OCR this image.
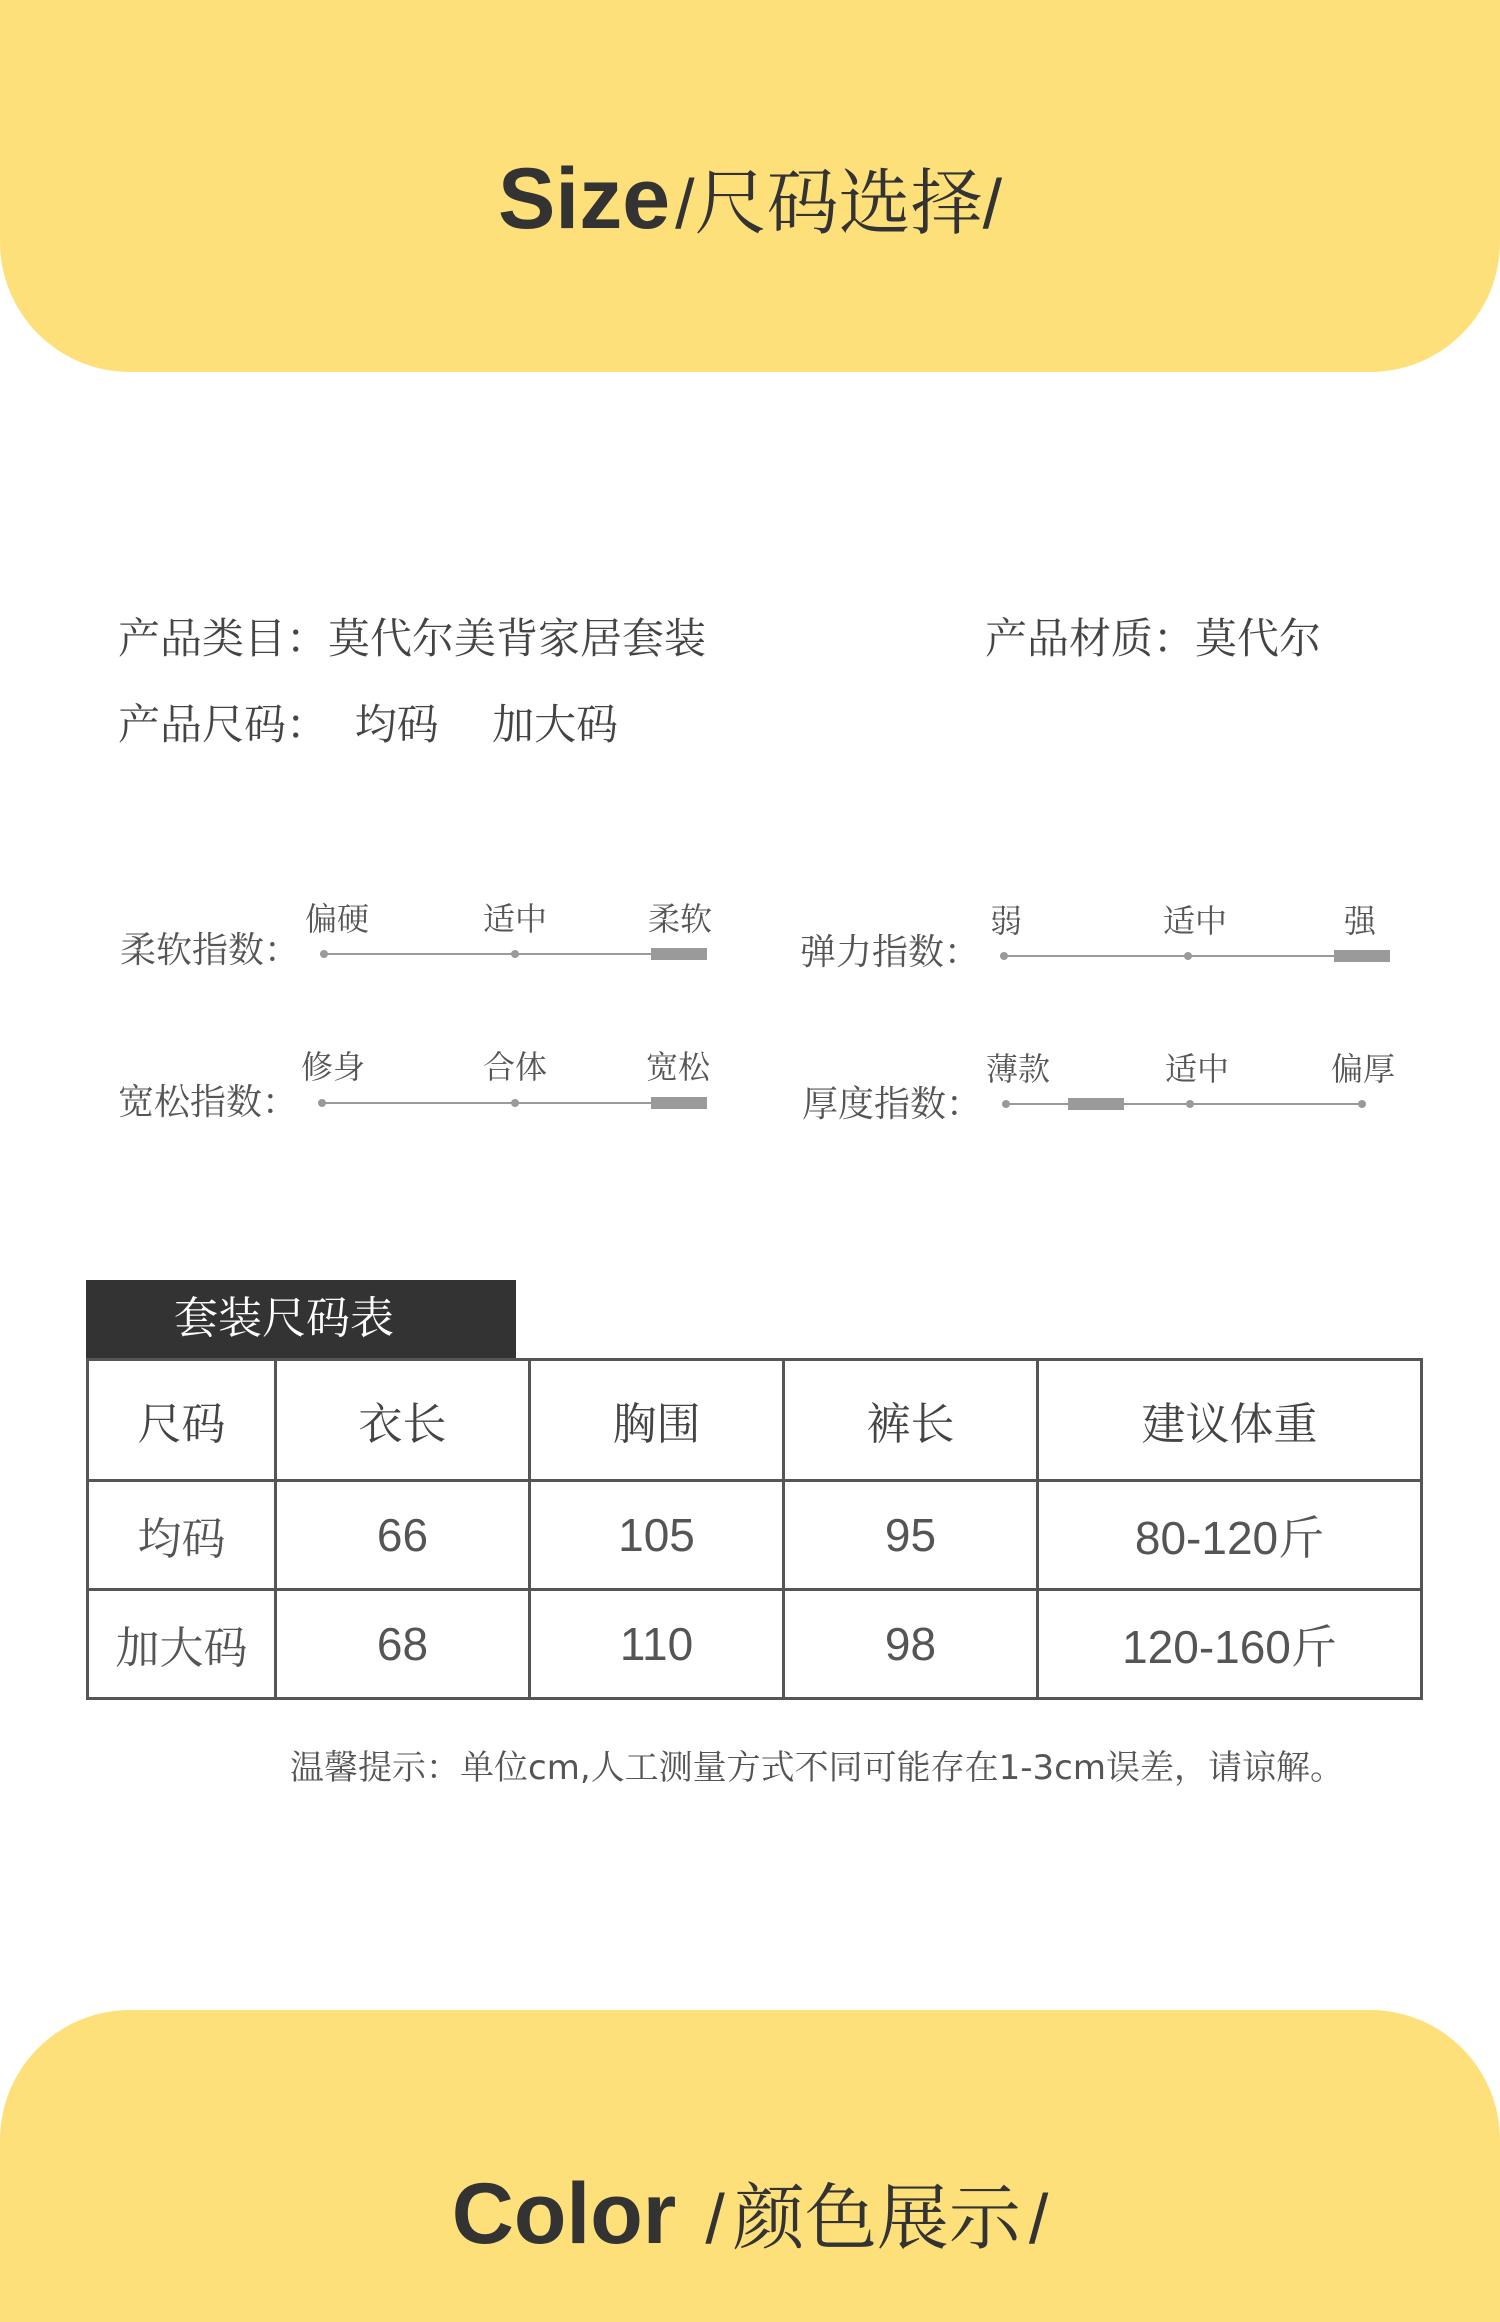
Size /尺码选择/
产品类目：莫代尔美背家居套装	产品材质：莫代尔
产品尺码：  均码    加大码
柔软指数：
偏硬	适中	柔软
弹力指数：
弱	适中	强
宽松指数：
修身	合体	宽松
厚度指数：
薄款	适中	偏厚
套装尺码表
尺码	衣长	胸围	裤长	建议体重
均码	66	105	95	80-120斤
加大码	68	110	98	120-160斤
温馨提示：单位cm,人工测量方式不同可能存在1-3cm误差，请谅解。
Color / 颜色展示 /
